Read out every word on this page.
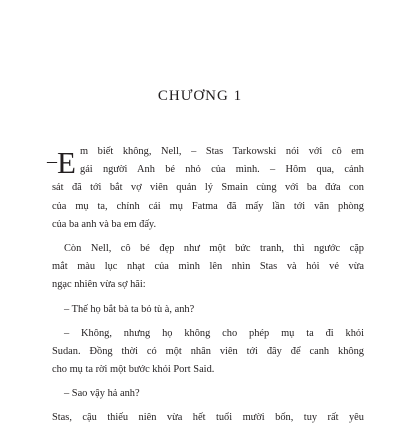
CHƯƠNG 1
–E m biết không, Nell, – Stas Tarkowski nói với cô em
gái người Anh bé nhỏ của mình. – Hôm qua, cảnh
sát đã tới bắt vợ viên quản lý Smain cùng với ba đứa con
của mụ ta, chính cái mụ Fatma đã mấy lần tới văn phòng
của ba anh và ba em đấy.
Còn Nell, cô bé đẹp như một bức tranh, thì ngước cặp
mắt màu lục nhạt của mình lên nhìn Stas và hỏi vẻ vừa
ngạc nhiên vừa sợ hãi:
– Thế họ bắt bà ta bỏ tù à, anh?
– Không, nhưng họ không cho phép mụ ta đi khỏi
Sudan. Đồng thời có một nhân viên tới đây để canh không
cho mụ ta rời một bước khỏi Port Said.
– Sao vậy hả anh?
Stas, cậu thiếu niên vừa hết tuổi mười bốn, tuy rất yêu
